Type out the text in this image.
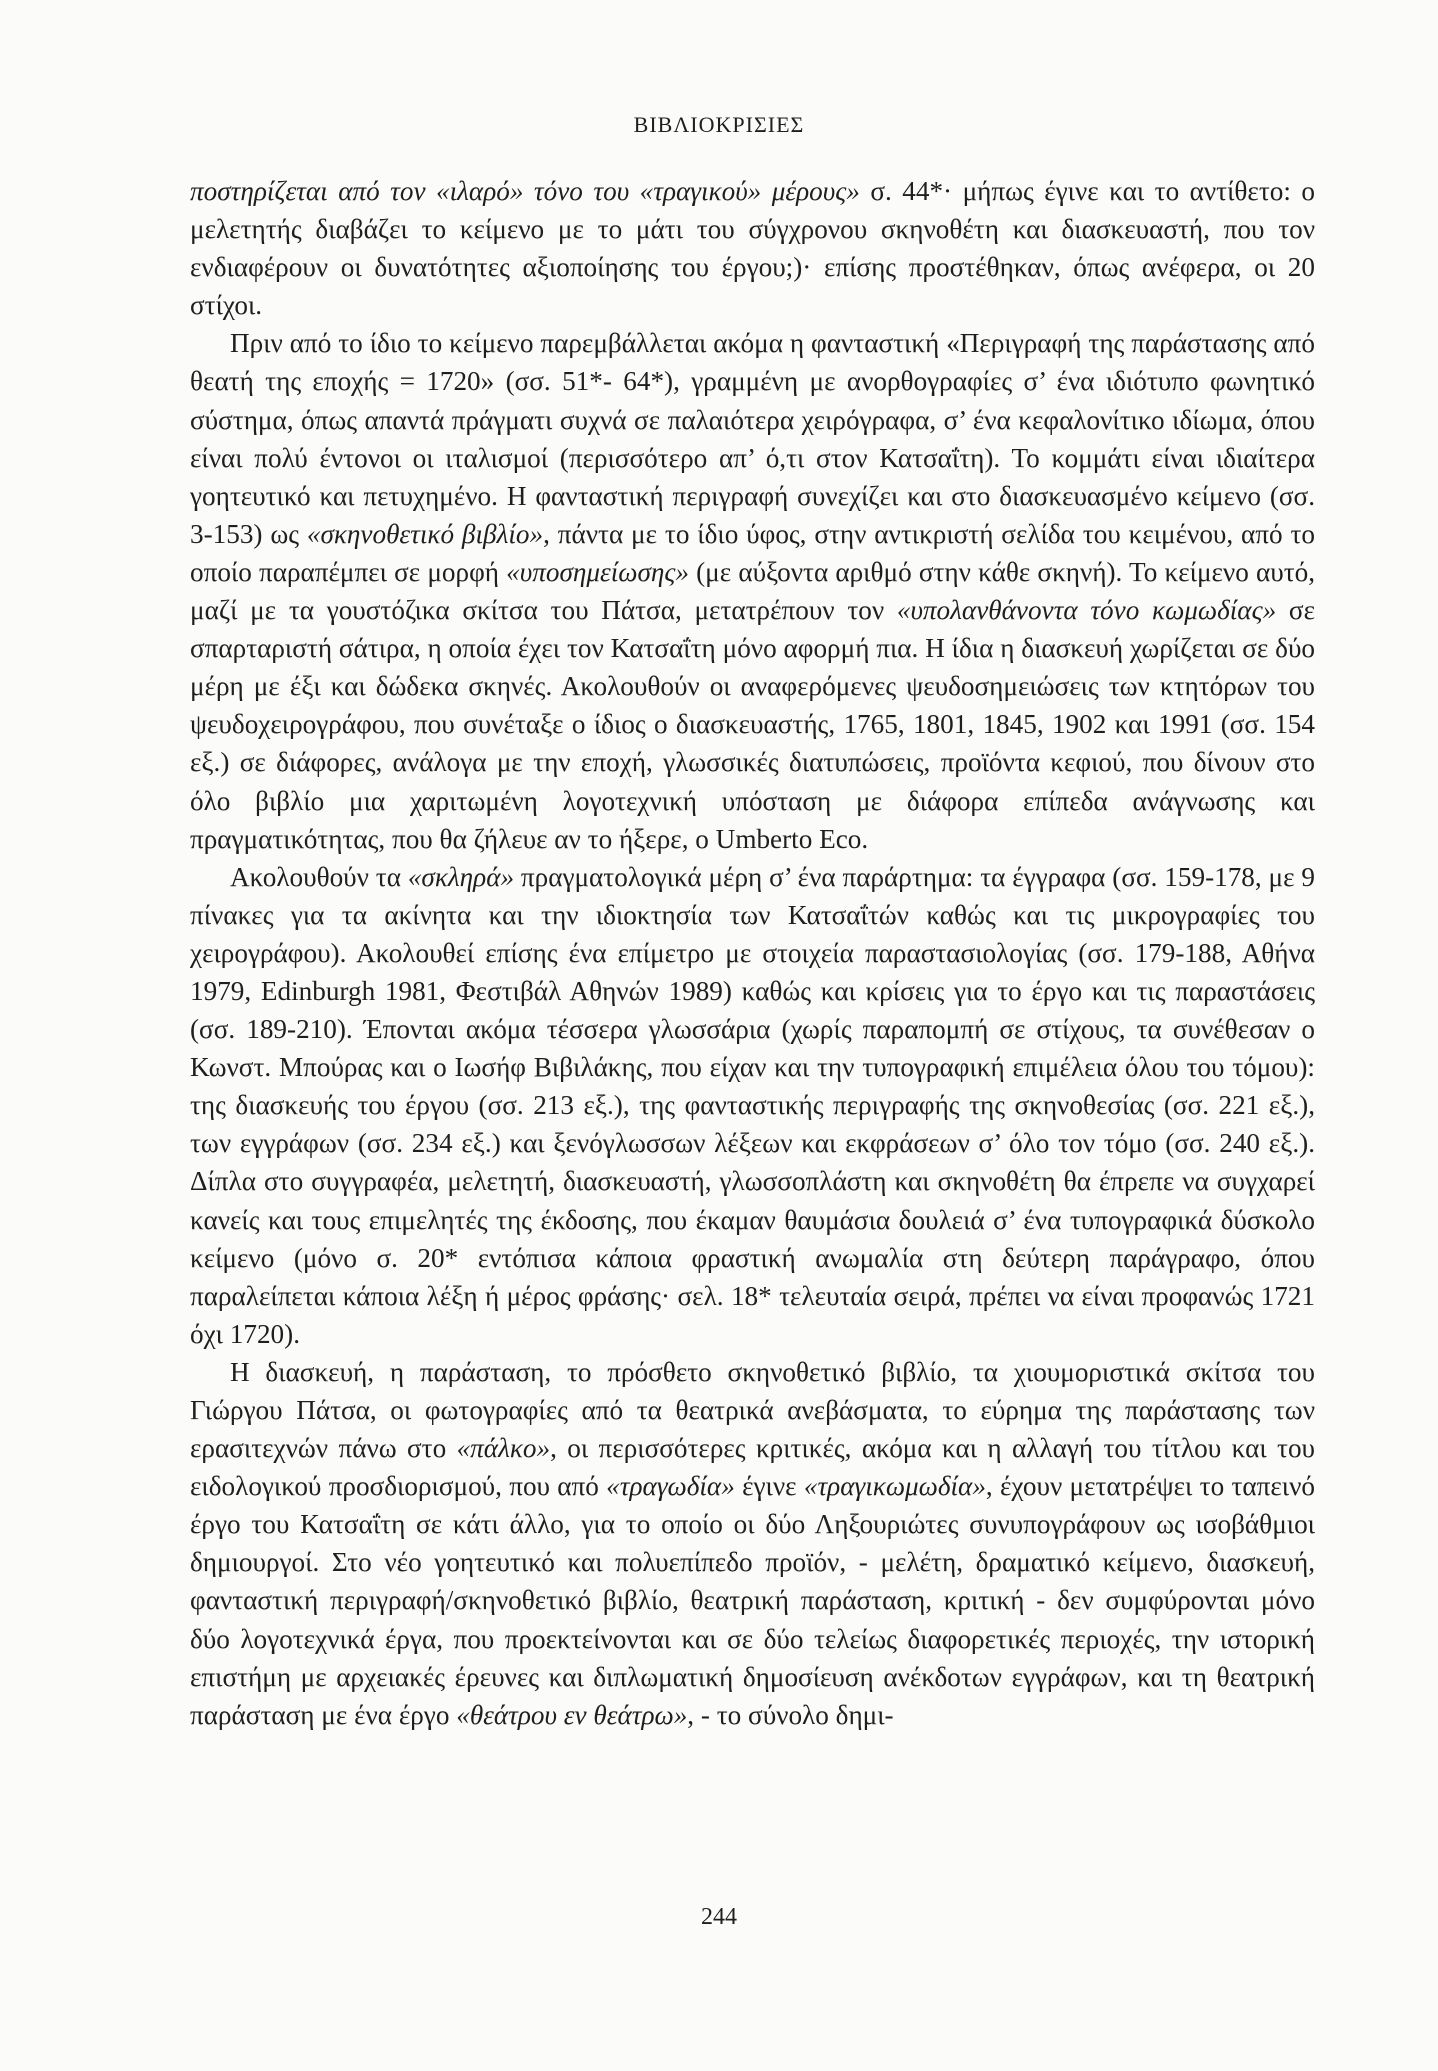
ΒΙΒΛΙΟΚΡΙΣΙΕΣ

ποστηρίζεται από τον «ιλαρό» τόνο του «τραγικού» μέρους» σ. 44*· μήπως έγινε και το αντίθετο: ο μελετητής διαβάζει το κείμενο με το μάτι του σύγχρονου σκηνοθέτη και διασκευαστή, που τον ενδιαφέρουν οι δυνατότητες αξιοποίησης του έργου;)· επίσης προστέθηκαν, όπως ανέφερα, οι 20 στίχοι.

Πριν από το ίδιο το κείμενο παρεμβάλλεται ακόμα η φανταστική «Περιγραφή της παράστασης από θεατή της εποχής = 1720» (σσ. 51*- 64*), γραμμένη με ανορθογραφίες σ’ ένα ιδιότυπο φωνητικό σύστημα, όπως απαντά πράγματι συχνά σε παλαιότερα χειρόγραφα, σ’ ένα κεφαλονίτικο ιδίωμα, όπου είναι πολύ έντονοι οι ιταλισμοί (περισσότερο απ’ ό,τι στον Κατσαΐτη). Το κομμάτι είναι ιδιαίτερα γοητευτικό και πετυχημένο. Η φανταστική περιγραφή συνεχίζει και στο διασκευασμένο κείμενο (σσ. 3-153) ως «σκηνοθετικό βιβλίο», πάντα με το ίδιο ύφος, στην αντικριστή σελίδα του κειμένου, από το οποίο παραπέμπει σε μορφή «υποσημείωσης» (με αύξοντα αριθμό στην κάθε σκηνή). Το κείμενο αυτό, μαζί με τα γουστόζικα σκίτσα του Πάτσα, μετατρέπουν τον «υπολανθάνοντα τόνο κωμωδίας» σε σπαρταριστή σάτιρα, η οποία έχει τον Κατσαΐτη μόνο αφορμή πια. Η ίδια η διασκευή χωρίζεται σε δύο μέρη με έξι και δώδεκα σκηνές. Ακολουθούν οι αναφερόμενες ψευδοσημειώσεις των κτητόρων του ψευδοχειρογράφου, που συνέταξε ο ίδιος ο διασκευαστής, 1765, 1801, 1845, 1902 και 1991 (σσ. 154 εξ.) σε διάφορες, ανάλογα με την εποχή, γλωσσικές διατυπώσεις, προϊόντα κεφιού, που δίνουν στο όλο βιβλίο μια χαριτωμένη λογοτεχνική υπόσταση με διάφορα επίπεδα ανάγνωσης και πραγματικότητας, που θα ζήλευε αν το ήξερε, ο Umberto Eco.

Ακολουθούν τα «σκληρά» πραγματολογικά μέρη σ’ ένα παράρτημα: τα έγγραφα (σσ. 159-178, με 9 πίνακες για τα ακίνητα και την ιδιοκτησία των Κατσαΐτών καθώς και τις μικρογραφίες του χειρογράφου). Ακολουθεί επίσης ένα επίμετρο με στοιχεία παραστασιολογίας (σσ. 179-188, Αθήνα 1979, Edinburgh 1981, Φεστιβάλ Αθηνών 1989) καθώς και κρίσεις για το έργο και τις παραστάσεις (σσ. 189-210). Έπονται ακόμα τέσσερα γλωσσάρια (χωρίς παραπομπή σε στίχους, τα συνέθεσαν ο Κωνστ. Μπούρας και ο Ιωσήφ Βιβιλάκης, που είχαν και την τυπογραφική επιμέλεια όλου του τόμου): της διασκευής του έργου (σσ. 213 εξ.), της φανταστικής περιγραφής της σκηνοθεσίας (σσ. 221 εξ.), των εγγράφων (σσ. 234 εξ.) και ξενόγλωσσων λέξεων και εκφράσεων σ’ όλο τον τόμο (σσ. 240 εξ.). Δίπλα στο συγγραφέα, μελετητή, διασκευαστή, γλωσσοπλάστη και σκηνοθέτη θα έπρεπε να συγχαρεί κανείς και τους επιμελητές της έκδοσης, που έκαμαν θαυμάσια δουλειά σ’ ένα τυπογραφικά δύσκολο κείμενο (μόνο σ. 20* εντόπισα κάποια φραστική ανωμαλία στη δεύτερη παράγραφο, όπου παραλείπεται κάποια λέξη ή μέρος φράσης· σελ. 18* τελευταία σειρά, πρέπει να είναι προφανώς 1721 όχι 1720).

Η διασκευή, η παράσταση, το πρόσθετο σκηνοθετικό βιβλίο, τα χιουμοριστικά σκίτσα του Γιώργου Πάτσα, οι φωτογραφίες από τα θεατρικά ανεβάσματα, το εύρημα της παράστασης των ερασιτεχνών πάνω στο «πάλκο», οι περισσότερες κριτικές, ακόμα και η αλλαγή του τίτλου και του ειδολογικού προσδιορισμού, που από «τραγωδία» έγινε «τραγικωμωδία», έχουν μετατρέψει το ταπεινό έργο του Κατσαΐτη σε κάτι άλλο, για το οποίο οι δύο Ληξουριώτες συνυπογράφουν ως ισοβάθμιοι δημιουργοί. Στο νέο γοητευτικό και πολυεπίπεδο προϊόν, - μελέτη, δραματικό κείμενο, διασκευή, φανταστική περιγραφή/σκηνοθετικό βιβλίο, θεατρική παράσταση, κριτική - δεν συμφύρονται μόνο δύο λογοτεχνικά έργα, που προεκτείνονται και σε δύο τελείως διαφορετικές περιοχές, την ιστορική επιστήμη με αρχειακές έρευνες και διπλωματική δημοσίευση ανέκδοτων εγγράφων, και τη θεατρική παράσταση με ένα έργο «θεάτρου εν θεάτρω», - το σύνολο δημι-

244
